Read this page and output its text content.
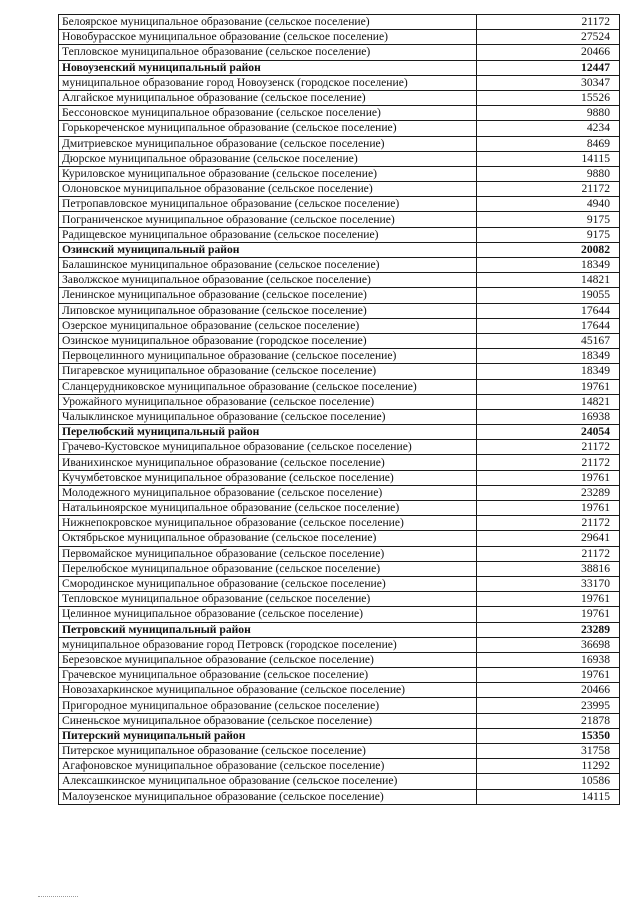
Белоярское муниципальное образование (сельское поселение)	21172
Новобурасское муниципальное образование (сельское поселение)	27524
Тепловское муниципальное образование (сельское поселение)	20466
Новоузенский муниципальный район	12447
муниципальное образование город Новоузенск (городское поселение)	30347
Алгайское муниципальное образование (сельское поселение)	15526
Бессоновское муниципальное образование (сельское поселение)	9880
Горькореченское муниципальное образование (сельское поселение)	4234
Дмитриевское муниципальное образование (сельское поселение)	8469
Дюрское муниципальное образование (сельское поселение)	14115
Куриловское муниципальное образование (сельское поселение)	9880
Олоновское муниципальное образование (сельское поселение)	21172
Петропавловское муниципальное образование (сельское поселение)	4940
Пограниченское муниципальное образование (сельское поселение)	9175
Радищевское муниципальное образование (сельское поселение)	9175
Озинский муниципальный район	20082
Балашинское муниципальное образование (сельское поселение)	18349
Заволжское муниципальное образование (сельское поселение)	14821
Ленинское муниципальное образование (сельское поселение)	19055
Липовское муниципальное образование (сельское поселение)	17644
Озерское муниципальное образование (сельское поселение)	17644
Озинское муниципальное образование (городское поселение)	45167
Первоцелинного муниципальное образование (сельское поселение)	18349
Пигаревское муниципальное образование (сельское поселение)	18349
Сланцерудниковское муниципальное образование (сельское поселение)	19761
Урожайного муниципальное образование (сельское поселение)	14821
Чалыклинское муниципальное образование (сельское поселение)	16938
Перелюбский муниципальный район	24054
Грачево-Кустовское муниципальное образование (сельское поселение)	21172
Иванихинское муниципальное образование (сельское поселение)	21172
Кучумбетовское муниципальное образование (сельское поселение)	19761
Молодежного муниципальное образование (сельское поселение)	23289
Натальиноярское муниципальное образование (сельское поселение)	19761
Нижнепокровское муниципальное образование (сельское поселение)	21172
Октябрьское муниципальное образование (сельское поселение)	29641
Первомайское муниципальное образование (сельское поселение)	21172
Перелюбское муниципальное образование (сельское поселение)	38816
Смородинское муниципальное образование (сельское поселение)	33170
Тепловское муниципальное образование (сельское поселение)	19761
Целинное муниципальное образование (сельское поселение)	19761
Петровский муниципальный район	23289
муниципальное образование город Петровск (городское поселение)	36698
Березовское муниципальное образование (сельское поселение)	16938
Грачевское муниципальное образование (сельское поселение)	19761
Новозахаркинское муниципальное образование (сельское поселение)	20466
Пригородное муниципальное образование (сельское поселение)	23995
Синеньское муниципальное образование (сельское поселение)	21878
Питерский муниципальный район	15350
Питерское муниципальное образование (сельское поселение)	31758
Агафоновское муниципальное образование (сельское поселение)	11292
Алексашкинское муниципальное образование (сельское поселение)	10586
Малоузенское муниципальное образование (сельское поселение)	14115
